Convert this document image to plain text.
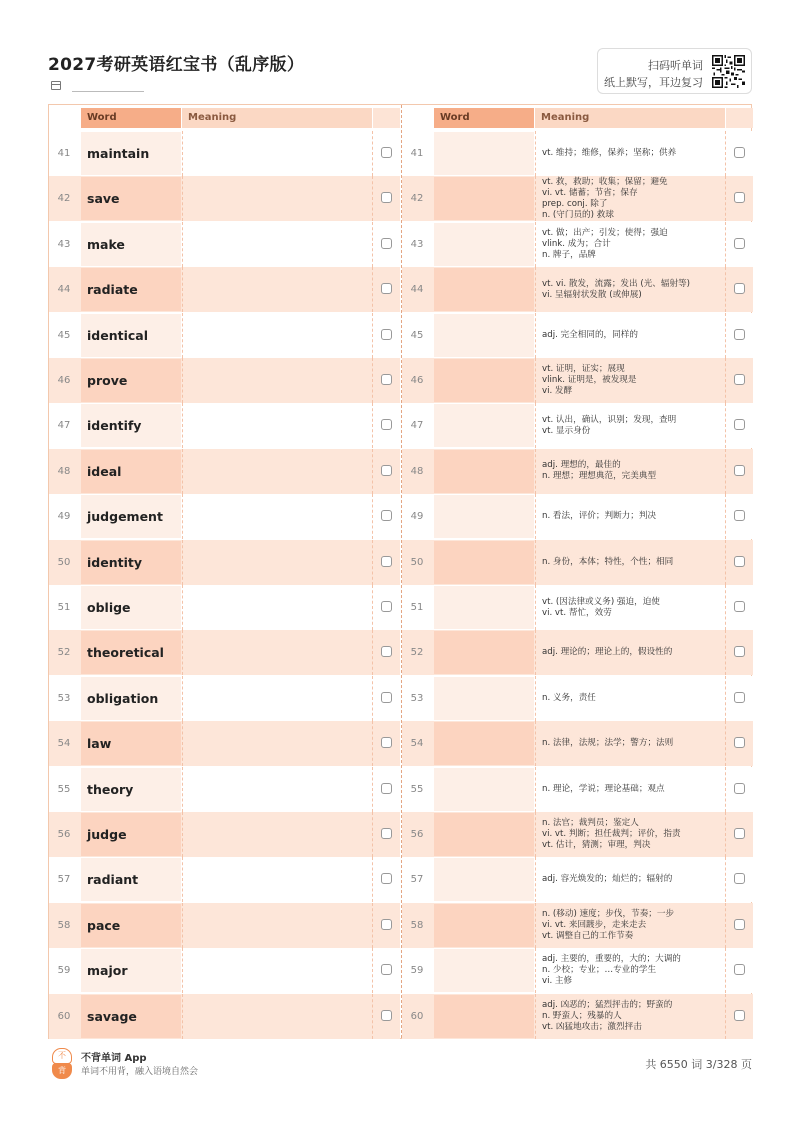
2027考研英语红宝书（乱序版）	扫码听单词
纸上默写，耳边复习
Word	Meaning
41	maintain
42	save
43	make
44	radiate
45	identical
46	prove
47	identify
48	ideal
49	judgement
50	identity
51	oblige
52	theoretical
53	obligation
54	law
55	theory
56	judge
57	radiant
58	pace
59	major
60	savage
Word	Meaning
41	vt. 维持；维修，保养；坚称；供养
42
vt. 救，救助；收集；保留；避免
vi. vt. 储蓄；节省；保存
prep. conj. 除了
n. (守门员的) 救球
43
vt. 做；出产；引发；使得；强迫
vlink. 成为；合计
n. 牌子，品牌
44
vt. vi. 散发，流露；发出 (光、辐射等)
vi. 呈辐射状发散 (或伸展)
45	adj. 完全相同的，同样的
46
vt. 证明，证实；展现
vlink. 证明是，被发现是
vi. 发酵
47
vt. 认出，确认，识别；发现，查明
vt. 显示身份
48
adj. 理想的，最佳的
n. 理想；理想典范，完美典型
49	n. 看法，评价；判断力；判决
50	n. 身份，本体；特性，个性；相同
51
vt. (因法律或义务) 强迫，迫使
vi. vt. 帮忙，效劳
52	adj. 理论的；理论上的，假设性的
53	n. 义务，责任
54	n. 法律，法规；法学；警方；法则
55	n. 理论，学说；理论基础；观点
56
n. 法官；裁判员；鉴定人
vi. vt. 判断；担任裁判；评价，指责
vt. 估计，猜测；审理，判决
57	adj. 容光焕发的；灿烂的；辐射的
58
n. (移动) 速度；步伐，节奏；一步
vi. vt. 来回踱步，走来走去
vt. 调整自己的工作节奏
59
adj. 主要的，重要的，大的；大调的
n. 少校；专业；…专业的学生
vi. 主修
60
adj. 凶恶的；猛烈抨击的；野蛮的
n. 野蛮人；残暴的人
vt. 凶猛地攻击；激烈抨击
不
背
不背单词 App
单词不用背，融入语境自然会
共 6550 词 3/328 页
